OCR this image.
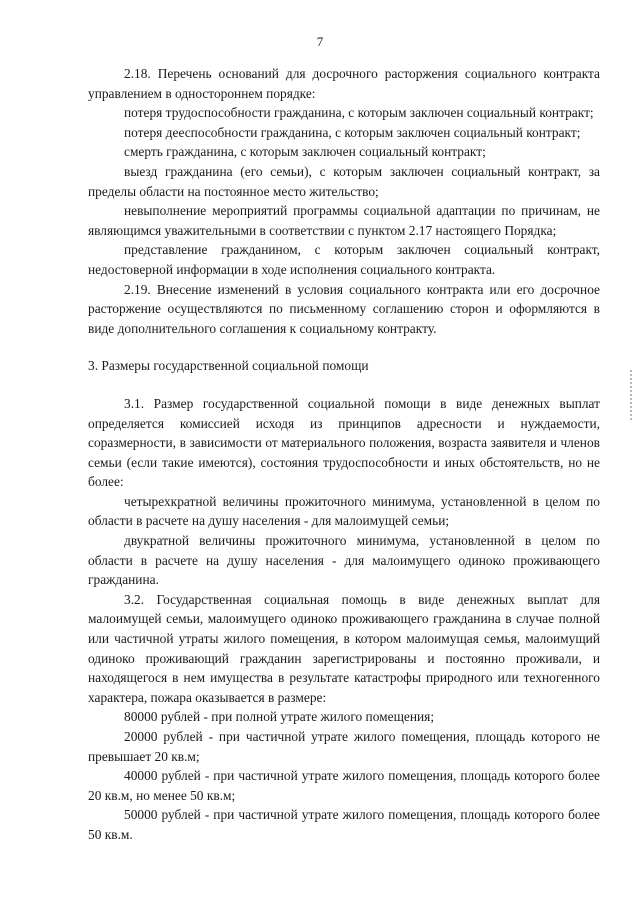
7

2.18. Перечень оснований для досрочного расторжения социального контракта управлением в одностороннем порядке:

потеря трудоспособности гражданина, с которым заключен социальный контракт;

потеря дееспособности гражданина, с которым заключен социальный контракт;

смерть гражданина, с которым заключен социальный контракт;

выезд гражданина (его семьи), с которым заключен социальный контракт, за пределы области на постоянное место жительство;

невыполнение мероприятий программы социальной адаптации по причинам, не являющимся уважительными в соответствии с пунктом 2.17 настоящего Порядка;

представление гражданином, с которым заключен социальный контракт, недостоверной информации в ходе исполнения социального контракта.

2.19. Внесение изменений в условия социального контракта или его досрочное расторжение осуществляются по письменному соглашению сторон и оформляются в виде дополнительного соглашения к социальному контракту.

3. Размеры государственной социальной помощи

3.1. Размер государственной социальной помощи в виде денежных выплат определяется комиссией исходя из принципов адресности и нуждаемости, соразмерности, в зависимости от материального положения, возраста заявителя и членов семьи (если такие имеются), состояния трудоспособности и иных обстоятельств, но не более:

четырехкратной величины прожиточного минимума, установленной в целом по области в расчете на душу населения - для малоимущей семьи;

двукратной величины прожиточного минимума, установленной в целом по области в расчете на душу населения - для малоимущего одиноко проживающего гражданина.

3.2. Государственная социальная помощь в виде денежных выплат для малоимущей семьи, малоимущего одиноко проживающего гражданина в случае полной или частичной утраты жилого помещения, в котором малоимущая семья, малоимущий одиноко проживающий гражданин зарегистрированы и постоянно проживали, и находящегося в нем имущества в результате катастрофы природного или техногенного характера, пожара оказывается в размере:

80000 рублей - при полной утрате жилого помещения;

20000 рублей - при частичной утрате жилого помещения, площадь которого не превышает 20 кв.м;

40000 рублей - при частичной утрате жилого помещения, площадь которого более 20 кв.м, но менее 50 кв.м;

50000 рублей - при частичной утрате жилого помещения, площадь которого более 50 кв.м.
